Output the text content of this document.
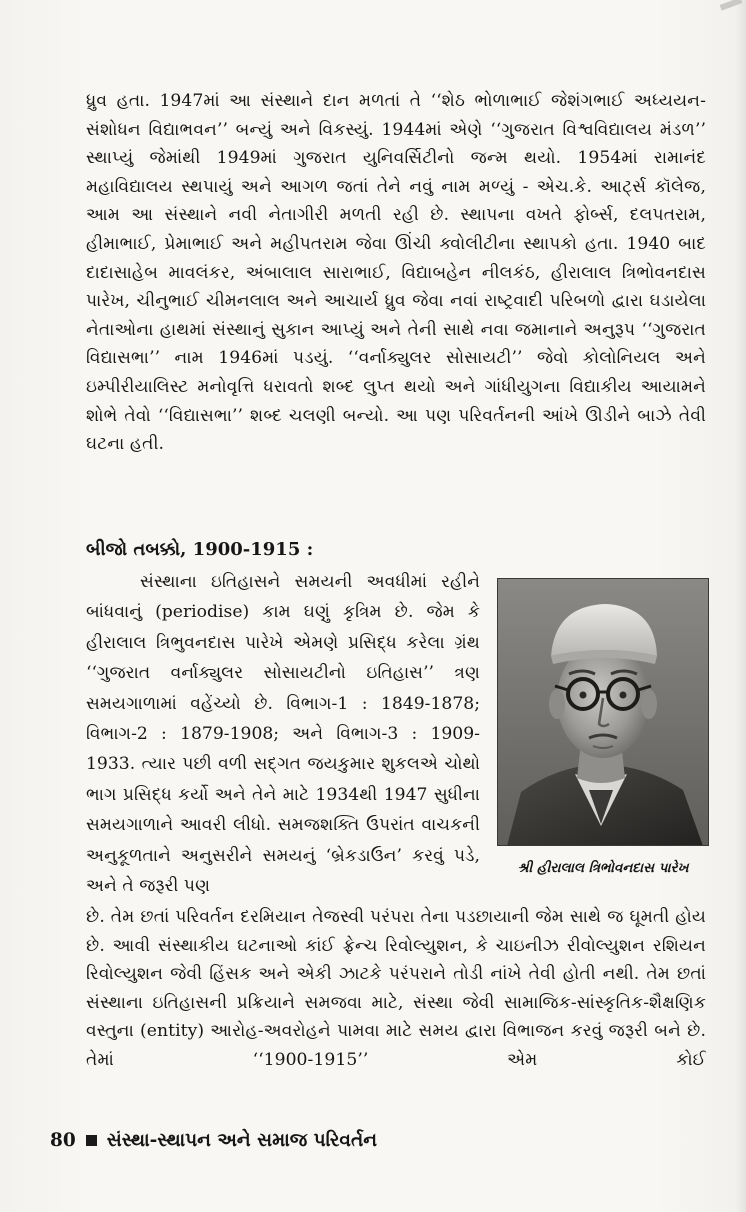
ધ્રુવ હતા. 1947માં આ સંસ્થાને દાન મળતાં તે ‘‘શેઠ ભોળાભાઈ જેશંગભાઈ અધ્યયન-સંશોધન વિદ્યાભવન’’ બન્યું અને વિકસ્યું. 1944માં એણે ‘‘ગુજરાત વિશ્વવિદ્યાલય મંડળ’’ સ્થાપ્યું જેમાંથી 1949માં ગુજરાત યુનિવર્સિટીનો જન્મ થયો. 1954માં રામાનંદ મહાવિદ્યાલય સ્થપાયું અને આગળ જતાં તેને નવું નામ મળ્યું - એચ.કે. આર્ટ્સ કૉલેજ, આમ આ સંસ્થાને નવી નેતાગીરી મળતી રહી છે. સ્થાપના વખતે ફોર્બ્સ, દલપતરામ, હીમાભાઈ, પ્રેમાભાઈ અને મહીપતરામ જેવા ઊંચી ક્વોલીટીના સ્થાપકો હતા. 1940 બાદ દાદાસાહેબ માવલંકર, અંબાલાલ સારાભાઈ, વિદ્યાબહેન નીલકંઠ, હીરાલાલ ત્રિભોવનદાસ પારેખ, ચીનુભાઈ ચીમનલાલ અને આચાર્ય ધ્રુવ જેવા નવાં રાષ્ટ્રવાદી પરિબળો દ્વારા ઘડાયેલા નેતાઓના હાથમાં સંસ્થાનું સુકાન આપ્યું અને તેની સાથે નવા જમાનાને અનુરૂપ ‘‘ગુજરાત વિદ્યાસભા’’ નામ 1946માં પડયું. ‘‘વર્નાક્યુલર સોસાયટી’’ જેવો કોલોનિયલ અને ઇમ્પીરીયાલિસ્ટ મનોવૃત્તિ ધરાવતો શબ્દ લુપ્ત થયો અને ગાંધીયુગના વિદ્યાકીય આયામને શોભે તેવો ‘‘વિદ્યાસભા’’ શબ્દ ચલણી બન્યો. આ પણ પરિવર્તનની આંખે ઊડીને બાઝે તેવી ઘટના હતી.

બીજો તબક્કો, 1900-1915 :

સંસ્થાના ઇતિહાસને સમયની અવધીમાં રહીને બાંધવાનું (periodise) કામ ઘણું કૃત્રિમ છે. જેમ કે હીરાલાલ ત્રિભુવનદાસ પારેખે એમણે પ્રસિદ્ધ કરેલા ગ્રંથ ‘‘ગુજરાત વર્નાક્યુલર સોસાયટીનો ઇતિહાસ’’ ત્રણ સમયગાળામાં વહેંચ્યો છે. વિભાગ-1 : 1849-1878; વિભાગ-2 : 1879-1908; અને વિભાગ-3 : 1909-1933. ત્યાર પછી વળી સદ્‌ગત જયકુમાર શુકલએ ચોથો ભાગ પ્રસિદ્ધ કર્યો અને તેને માટે 1934થી 1947 સુધીના સમયગાળાને આવરી લીધો. સમજશક્તિ ઉપરાંત વાચકની અનુકૂળતાને અનુસરીને સમયનું ‘બ્રેકડાઉન’ કરવું પડે, અને તે જરૂરી પણ

શ્રી હીરાલાલ ત્રિભોવનદાસ પારેખ

છે. તેમ છતાં પરિવર્તન દરમિયાન તેજસ્વી પરંપરા તેના પડછાયાની જેમ સાથે જ ઘૂમતી હોય છે. આવી સંસ્થાકીય ઘટનાઓ કાંઈ ફ્રેન્ચ રિવોલ્યુશન, કે ચાઇનીઝ રીવોલ્યુશન રશિયન રિવોલ્યુશન જેવી હિંસક અને એકી ઝાટકે પરંપરાને તોડી નાંખે તેવી હોતી નથી. તેમ છતાં સંસ્થાના ઇતિહાસની પ્રક્રિયાને સમજવા માટે, સંસ્થા જેવી સામાજિક-સાંસ્કૃતિક-શૈક્ષણિક વસ્તુના (entity) આરોહ-અવરોહને પામવા માટે સમય દ્વારા વિભાજન કરવું જરૂરી બને છે. તેમાં ‘‘1900-1915’’ એમ કોઈ

80 સંસ્થા-સ્થાપન અને સમાજ પરિવર્તન
